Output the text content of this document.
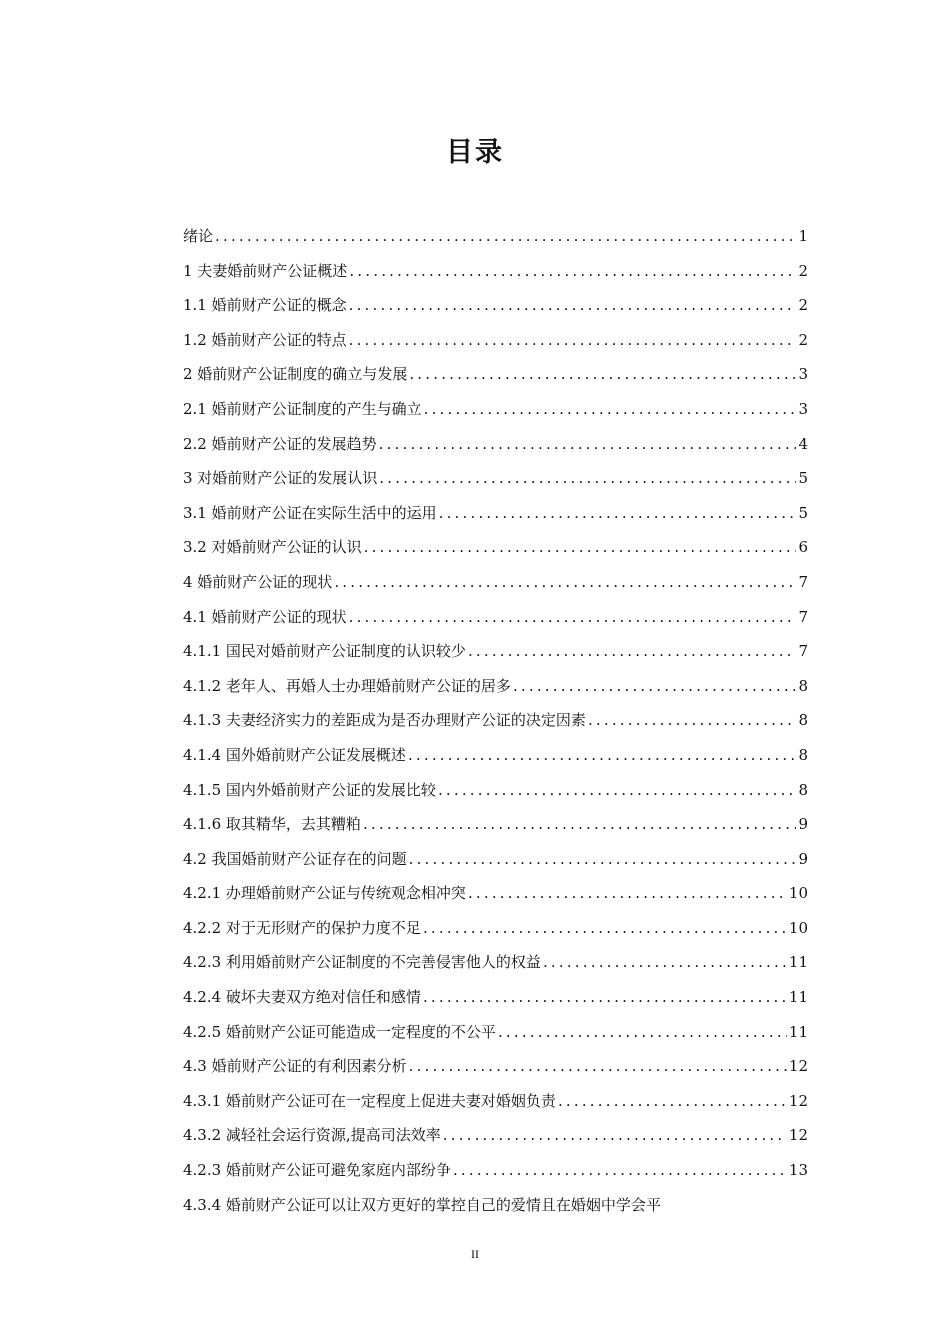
目录
绪论 .....	1
1 夫妻婚前财产公证概述 .....	2
1.1 婚前财产公证的概念 .....	2
1.2 婚前财产公证的特点 .....	2
2 婚前财产公证制度的确立与发展 .....	3
2.1 婚前财产公证制度的产生与确立 .....	3
2.2 婚前财产公证的发展趋势 .....	4
3 对婚前财产公证的发展认识 .....	5
3.1 婚前财产公证在实际生活中的运用 .....	5
3.2 对婚前财产公证的认识 .....	6
4 婚前财产公证的现状 .....	7
4.1 婚前财产公证的现状 .....	7
4.1.1 国民对婚前财产公证制度的认识较少 .....	7
4.1.2 老年人、再婚人士办理婚前财产公证的居多 .....	8
4.1.3 夫妻经济实力的差距成为是否办理财产公证的决定因素 .....	8
4.1.4 国外婚前财产公证发展概述 .....	8
4.1.5 国内外婚前财产公证的发展比较 .....	8
4.1.6 取其精华，去其糟粕 .....	9
4.2 我国婚前财产公证存在的问题 .....	9
4.2.1 办理婚前财产公证与传统观念相冲突 .....	10
4.2.2 对于无形财产的保护力度不足 .....	10
4.2.3 利用婚前财产公证制度的不完善侵害他人的权益 .....	11
4.2.4 破坏夫妻双方绝对信任和感情 .....	11
4.2.5 婚前财产公证可能造成一定程度的不公平 .....	11
4.3 婚前财产公证的有利因素分析 .....	12
4.3.1 婚前财产公证可在一定程度上促进夫妻对婚姻负责 .....	12
4.3.2 减轻社会运行资源,提高司法效率 .....	12
4.2.3 婚前财产公证可避免家庭内部纷争 .....	13
4.3.4 婚前财产公证可以让双方更好的掌控自己的爱情且在婚姻中学会平
II
